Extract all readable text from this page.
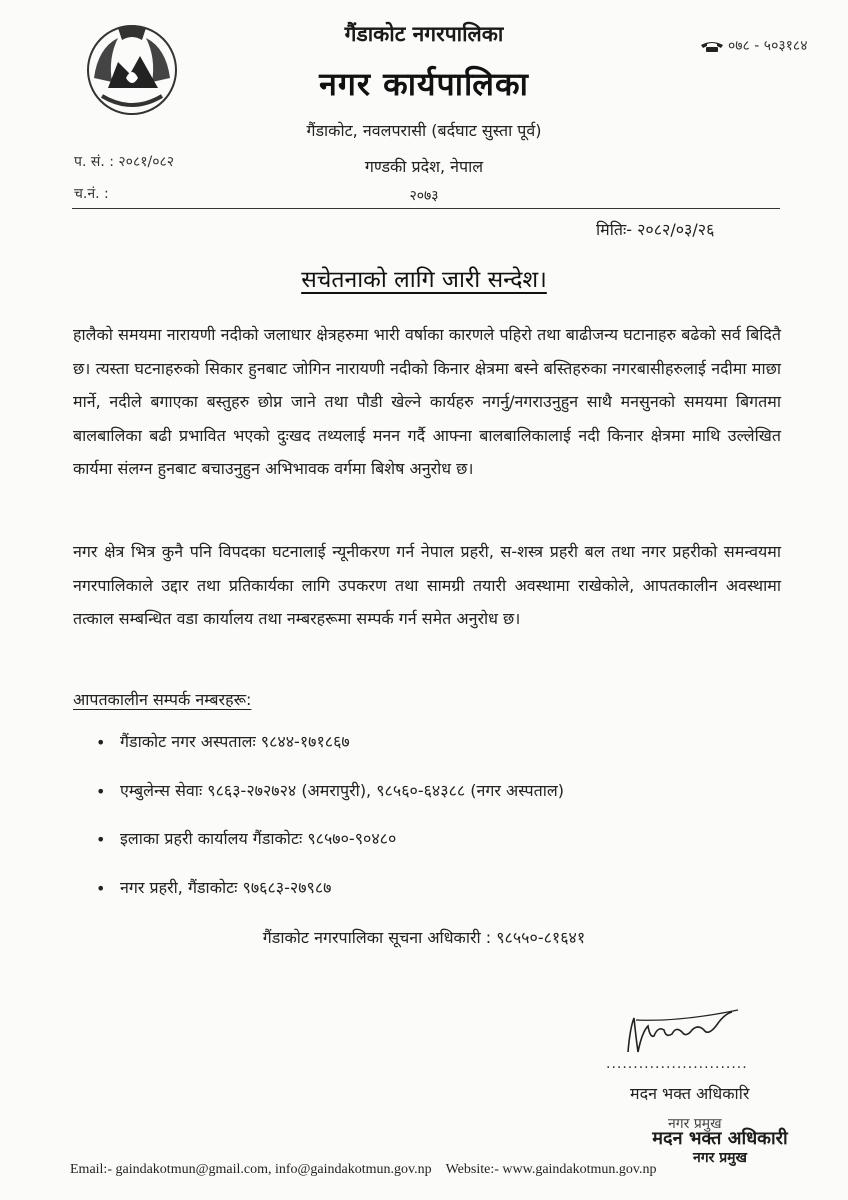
गैंडाकोट नगरपालिका
नगर कार्यपालिका
गैंडाकोट, नवलपरासी (बर्दघाट सुस्ता पूर्व)
गण्डकी प्रदेश, नेपाल
२०७३
०७८ - ५०३१८४
प. सं. : २०८१/०८२
च.नं. :
मितिः- २०८२/०३/२६
सचेतनाको लागि जारी सन्देश।
हालैको समयमा नारायणी नदीको जलाधार क्षेत्रहरुमा भारी वर्षाका कारणले पहिरो तथा बाढीजन्य घटानाहरु बढेको सर्व बिदितै छ। त्यस्ता घटनाहरुको सिकार हुनबाट जोगिन नारायणी नदीको किनार क्षेत्रमा बस्ने बस्तिहरुका नगरबासीहरुलाई नदीमा माछा मार्ने, नदीले बगाएका बस्तुहरु छोप्न जाने तथा पौडी खेल्ने कार्यहरु नगर्नु/नगराउनुहुन साथै मनसुनको समयमा बिगतमा बालबालिका बढी प्रभावित भएको दुःखद तथ्यलाई मनन गर्दै आफ्ना बालबालिकालाई नदी किनार क्षेत्रमा माथि उल्लेखित कार्यमा संलग्न हुनबाट बचाउनुहुन अभिभावक वर्गमा बिशेष अनुरोध छ।
नगर क्षेत्र भित्र कुनै पनि विपदका घटनालाई न्यूनीकरण गर्न नेपाल प्रहरी, स-शस्त्र प्रहरी बल तथा नगर प्रहरीको समन्वयमा नगरपालिकाले उद्दार तथा प्रतिकार्यका लागि उपकरण तथा सामग्री तयारी अवस्थामा राखेकोले, आपतकालीन अवस्थामा तत्काल सम्बन्धित वडा कार्यालय तथा नम्बरहरूमा सम्पर्क गर्न समेत अनुरोध छ।
आपतकालीन सम्पर्क नम्बरहरू:
• गैंडाकोट नगर अस्पतालः ९८४४-१७१८६७
• एम्बुलेन्स सेवाः ९८६३-२७२७२४ (अमरापुरी), ९८५६०-६४३८८ (नगर अस्पताल)
• इलाका प्रहरी कार्यालय गैंडाकोटः ९८५७०-९०४८०
• नगर प्रहरी, गैंडाकोटः ९७६८३-२७९८७
गैंडाकोट नगरपालिका सूचना अधिकारी : ९८५५०-८१६४१
..........................
मदन भक्त अधिकारि
नगर प्रमुख
मदन भक्त अधिकारी
नगर प्रमुख
Email:- gaindakotmun@gmail.com, info@gaindakotmun.gov.np Website:- www.gaindakotmun.gov.np
